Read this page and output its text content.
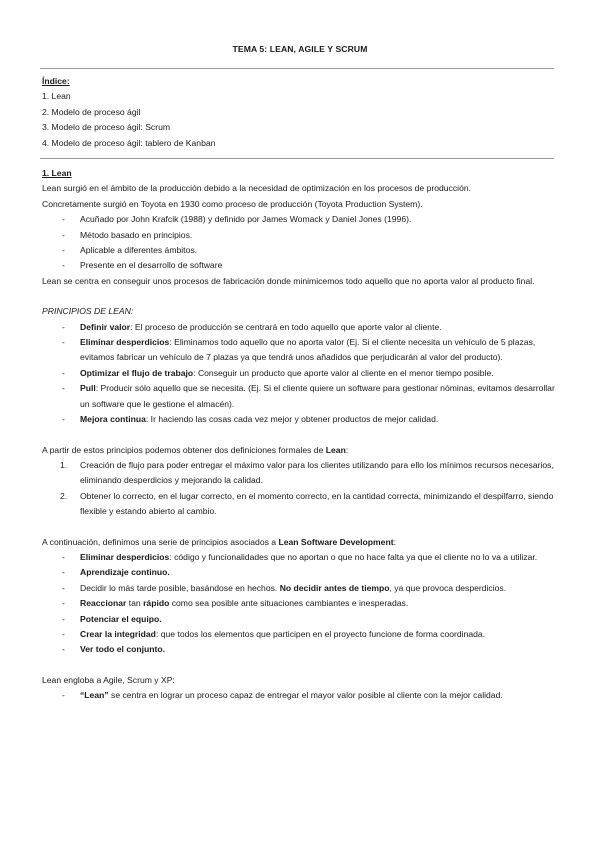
TEMA 5: LEAN, AGILE Y SCRUM

Índice:

1. Lean

2. Modelo de proceso ágil

3. Modelo de proceso ágil: Scrum

4. Modelo de proceso ágil: tablero de Kanban

1. Lean

Lean surgió en el ámbito de la producción debido a la necesidad de optimización en los procesos de producción.

Concretamente surgió en Toyota en 1930 como proceso de producción (Toyota Production System).

- Acuñado por John Krafcik (1988) y definido por James Womack y Daniel Jones (1996).
- Método basado en principios.
- Aplicable a diferentes ámbitos.
- Presente en el desarrollo de software

Lean se centra en conseguir unos procesos de fabricación donde minimicemos todo aquello que no aporta valor al producto final.

PRINCIPIOS DE LEAN:

- Definir valor: El proceso de producción se centrará en todo aquello que aporte valor al cliente.
- Eliminar desperdicios: Eliminamos todo aquello que no aporta valor (Ej. Si el cliente necesita un vehículo de 5 plazas, evitamos fabricar un vehículo de 7 plazas ya que tendrá unos añadidos que perjudicarán al valor del producto).
- Optimizar el flujo de trabajo: Conseguir un producto que aporte valor al cliente en el menor tiempo posible.
- Pull: Producir sólo aquello que se necesita. (Ej. Si el cliente quiere un software para gestionar nóminas, evitamos desarrollar un software que le gestione el almacén).
- Mejora continua: Ir haciendo las cosas cada vez mejor y obtener productos de mejor calidad.

A partir de estos principios podemos obtener dos definiciones formales de Lean:

1. Creación de flujo para poder entregar el máximo valor para los clientes utilizando para ello los mínimos recursos necesarios, eliminando desperdicios y mejorando la calidad.
2. Obtener lo correcto, en el lugar correcto, en el momento correcto, en la cantidad correcta, minimizando el despilfarro, siendo flexible y estando abierto al cambio.

A continuación, definimos una serie de principios asociados a Lean Software Development:

- Eliminar desperdicios: código y funcionalidades que no aportan o que no hace falta ya que el cliente no lo va a utilizar.
- Aprendizaje continuo.
- Decidir lo más tarde posible, basándose en hechos. No decidir antes de tiempo, ya que provoca desperdicios.
- Reaccionar tan rápido como sea posible ante situaciones cambiantes e inesperadas.
- Potenciar el equipo.
- Crear la integridad: que todos los elementos que participen en el proyecto funcione de forma coordinada.
- Ver todo el conjunto.

Lean engloba a Agile, Scrum y XP:

- “Lean” se centra en lograr un proceso capaz de entregar el mayor valor posible al cliente con la mejor calidad.
